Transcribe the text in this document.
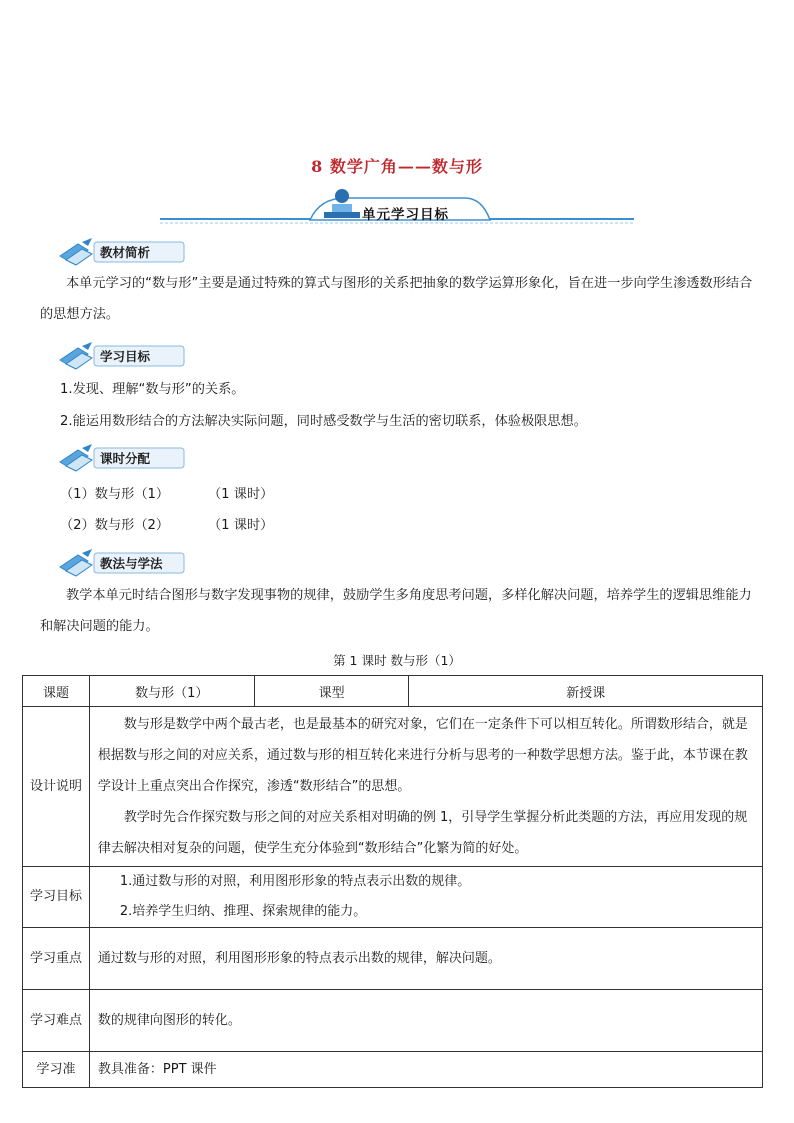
8 数学广角——数与形
单元学习目标
教材简析
本单元学习的“数与形”主要是通过特殊的算式与图形的关系把抽象的数学运算形象化，旨在进一步向学生渗透数形结合的思想方法。
学习目标
1.发现、理解“数与形”的关系。
2.能运用数形结合的方法解决实际问题，同时感受数学与生活的密切联系，体验极限思想。
课时分配
（1）数与形（1）	（1 课时）
（2）数与形（2）	（1 课时）
教法与学法
教学本单元时结合图形与数字发现事物的规律，鼓励学生多角度思考问题，多样化解决问题，培养学生的逻辑思维能力和解决问题的能力。
第 1 课时 数与形（1）
课题	数与形（1）	课型	新授课
设计说明	数与形是数学中两个最古老，也是最基本的研究对象，它们在一定条件下可以相互转化。所谓数形结合，就是根据数与形之间的对应关系，通过数与形的相互转化来进行分析与思考的一种数学思想方法。鉴于此，本节课在教学设计上重点突出合作探究，渗透“数形结合”的思想。

教学时先合作探究数与形之间的对应关系相对明确的例 1，引导学生掌握分析此类题的方法，再应用发现的规律去解决相对复杂的问题，使学生充分体验到“数形结合”化繁为简的好处。		

学习目标	1.通过数与形的对照，利用图形形象的特点表示出数的规律。

2.培养学生归纳、推理、探索规律的能力。		

学习重点	通过数与形的对照，利用图形形象的特点表示出数的规律，解决问题。		
学习难点	数的规律向图形的转化。		
学习准	教具准备：PPT 课件		
